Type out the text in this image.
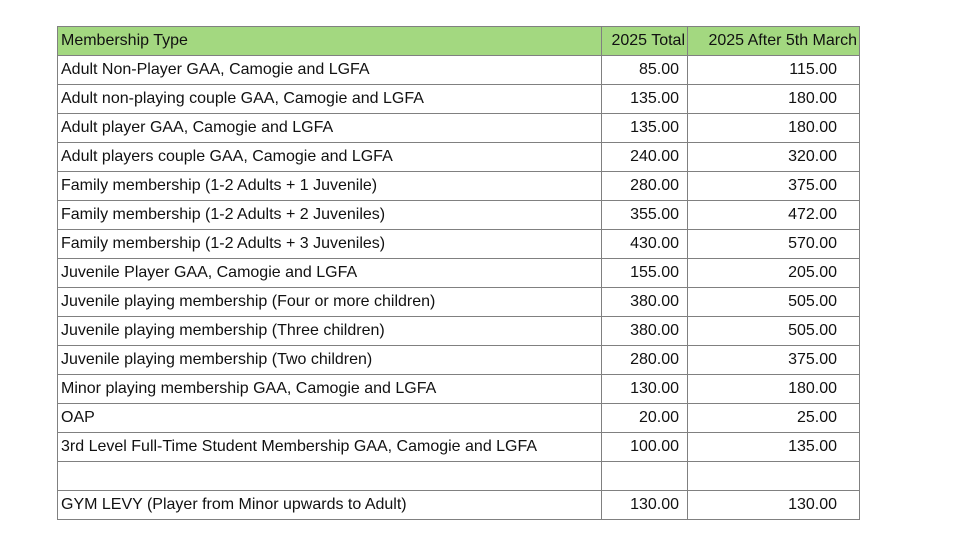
Membership Type	2025 Total	2025 After 5th March
Adult Non-Player GAA, Camogie and LGFA	85.00	115.00
Adult non-playing couple GAA, Camogie and LGFA	135.00	180.00
Adult player GAA, Camogie and LGFA	135.00	180.00
Adult players couple GAA, Camogie and LGFA	240.00	320.00
Family membership (1-2 Adults + 1 Juvenile)	280.00	375.00
Family membership (1-2 Adults + 2 Juveniles)	355.00	472.00
Family membership (1-2 Adults + 3 Juveniles)	430.00	570.00
Juvenile Player GAA, Camogie and LGFA	155.00	205.00
Juvenile playing membership (Four or more children)	380.00	505.00
Juvenile playing membership (Three children)	380.00	505.00
Juvenile playing membership (Two children)	280.00	375.00
Minor playing membership GAA, Camogie and LGFA	130.00	180.00
OAP	20.00	25.00
3rd Level Full-Time Student Membership GAA, Camogie and LGFA	100.00	135.00

GYM LEVY (Player from Minor upwards to Adult)	130.00	130.00
